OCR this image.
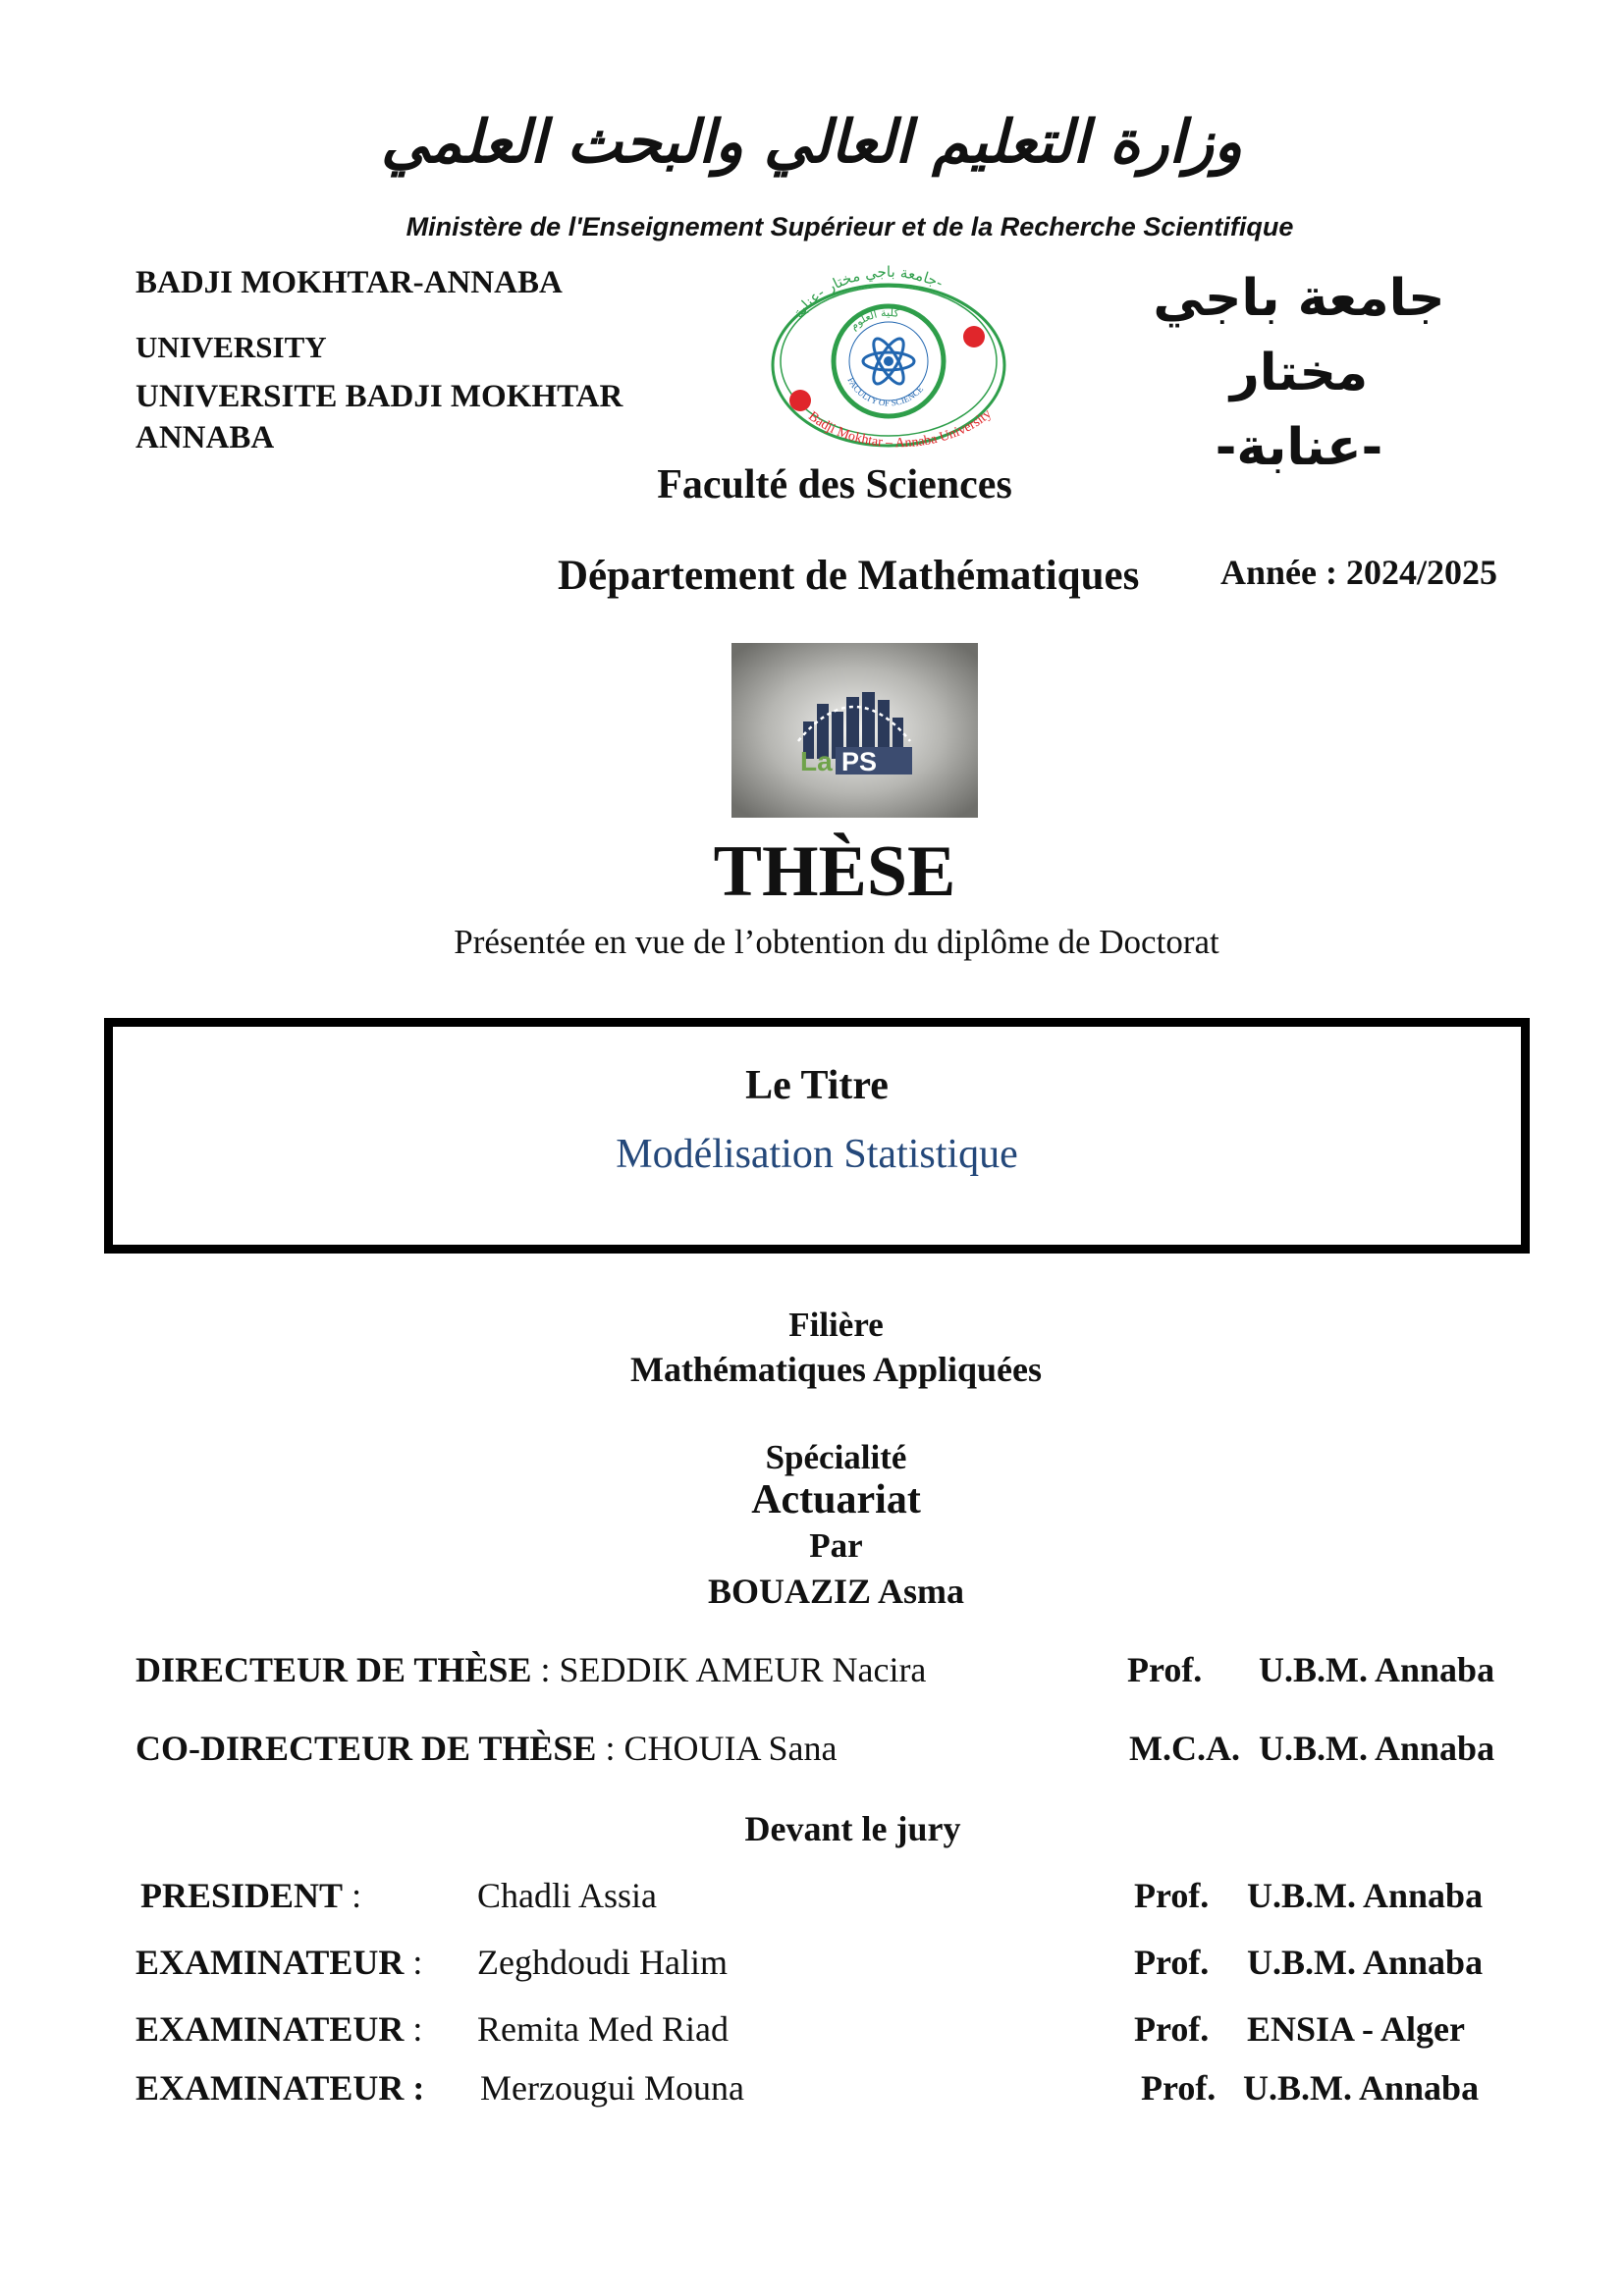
وزارة التعليم العالي والبحث العلمي
Ministère de l'Enseignement Supérieur et de la Recherche Scientifique
BADJI MOKHTAR-ANNABA
UNIVERSITY
UNIVERSITE BADJI MOKHTAR
ANNABA
جامعة باجي مختار
-عنابة-
جامعة باجي مختار -عنابة-
كلية العلوم
FACULTY OF SCIENCE
Badji Mokhtar – Annaba University
Faculté des Sciences
Département de Mathématiques Année : 2024/2025
La PS
THÈSE
Présentée en vue de l’obtention du diplôme de Doctorat
Le Titre
Modélisation Statistique
Filière
Mathématiques Appliquées
Spécialité
Actuariat
Par
BOUAZIZ Asma
DIRECTEUR DE THÈSE : SEDDIK AMEUR Nacira	Prof. U.B.M. Annaba
CO-DIRECTEUR DE THÈSE : CHOUIA Sana	M.C.A. U.B.M. Annaba
Devant le jury
PRESIDENT :	Chadli Assia	Prof. U.B.M. Annaba
EXAMINATEUR : Zeghdoudi Halim	Prof. U.B.M. Annaba
EXAMINATEUR : Remita Med Riad	Prof. ENSIA - Alger
EXAMINATEUR : Merzougui Mouna	Prof. U.B.M. Annaba
